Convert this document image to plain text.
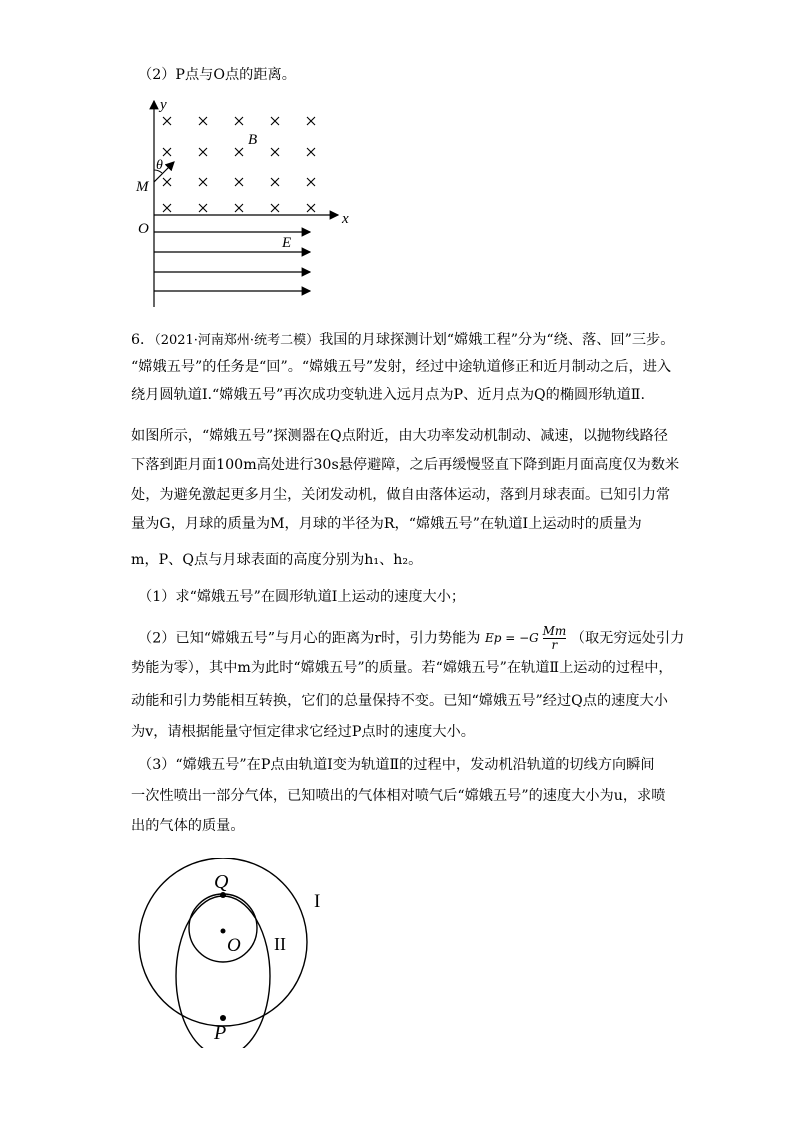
（2）P点与O点的距离。
y
x
O
B
M
θ
E
6．（2021·河南郑州·统考二模）我国的月球探测计划“嫦娥工程”分为“绕、落、回”三步。
“嫦娥五号”的任务是“回”。“嫦娥五号”发射，经过中途轨道修正和近月制动之后，进入
绕月圆轨道Ⅰ.“嫦娥五号”再次成功变轨进入远月点为P、近月点为Q的椭圆形轨道Ⅱ.
如图所示，“嫦娥五号”探测器在Q点附近，由大功率发动机制动、减速，以抛物线路径
下落到距月面100m高处进行30s悬停避障，之后再缓慢竖直下降到距月面高度仅为数米
处，为避免激起更多月尘，关闭发动机，做自由落体运动，落到月球表面。已知引力常
量为G，月球的质量为M，月球的半径为R，“嫦娥五号”在轨道Ⅰ上运动时的质量为
m，P、Q点与月球表面的高度分别为h₁、h₂。
（1）求“嫦娥五号”在圆形轨道Ⅰ上运动的速度大小；
（2）已知“嫦娥五号”与月心的距离为r时，引力势能为 $Ep = -G \frac{Mm}{r}$ （取无穷远处引力
势能为零），其中m为此时“嫦娥五号”的质量。若“嫦娥五号”在轨道Ⅱ上运动的过程中，
动能和引力势能相互转换，它们的总量保持不变。已知“嫦娥五号”经过Q点的速度大小
为v，请根据能量守恒定律求它经过P点时的速度大小。
（3）“嫦娥五号”在P点由轨道Ⅰ变为轨道Ⅱ的过程中，发动机沿轨道的切线方向瞬间
一次性喷出一部分气体，已知喷出的气体相对喷气后“嫦娥五号”的速度大小为u，求喷
出的气体的质量。
Q
O
P
I
II
